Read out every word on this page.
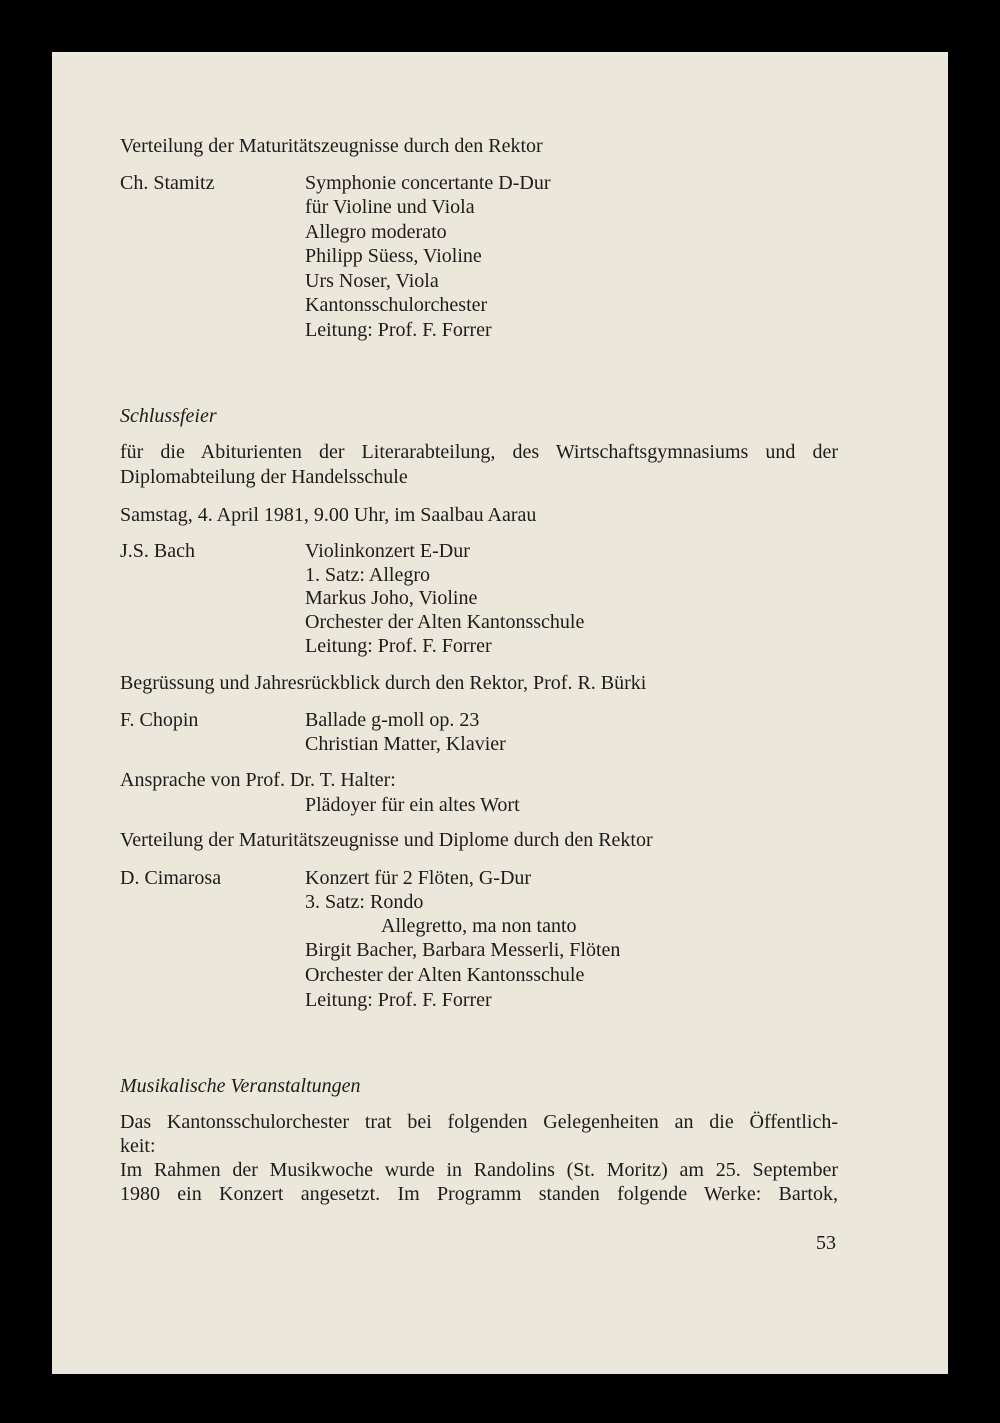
Verteilung der Maturitätszeugnisse durch den Rektor
Ch. Stamitz	Symphonie concertante D-Dur
für Violine und Viola
Allegro moderato
Philipp Süess, Violine
Urs Noser, Viola
Kantonsschulorchester
Leitung: Prof. F. Forrer
Schlussfeier
für die Abiturienten der Literarabteilung, des Wirtschaftsgymnasiums und der
Diplomabteilung der Handelsschule
Samstag, 4. April 1981, 9.00 Uhr, im Saalbau Aarau
J.S. Bach	Violinkonzert E-Dur
1. Satz: Allegro
Markus Joho, Violine
Orchester der Alten Kantonsschule
Leitung: Prof. F. Forrer
Begrüssung und Jahresrückblick durch den Rektor, Prof. R. Bürki
F. Chopin	Ballade g-moll op. 23
Christian Matter, Klavier
Ansprache von Prof. Dr. T. Halter:
Plädoyer für ein altes Wort
Verteilung der Maturitätszeugnisse und Diplome durch den Rektor
D. Cimarosa	Konzert für 2 Flöten, G-Dur
3. Satz: Rondo
Allegretto, ma non tanto
Birgit Bacher, Barbara Messerli, Flöten
Orchester der Alten Kantonsschule
Leitung: Prof. F. Forrer
Musikalische Veranstaltungen
Das Kantonsschulorchester trat bei folgenden Gelegenheiten an die Öffentlich-
keit:
Im Rahmen der Musikwoche wurde in Randolins (St. Moritz) am 25. September
1980 ein Konzert angesetzt. Im Programm standen folgende Werke: Bartok,
53
